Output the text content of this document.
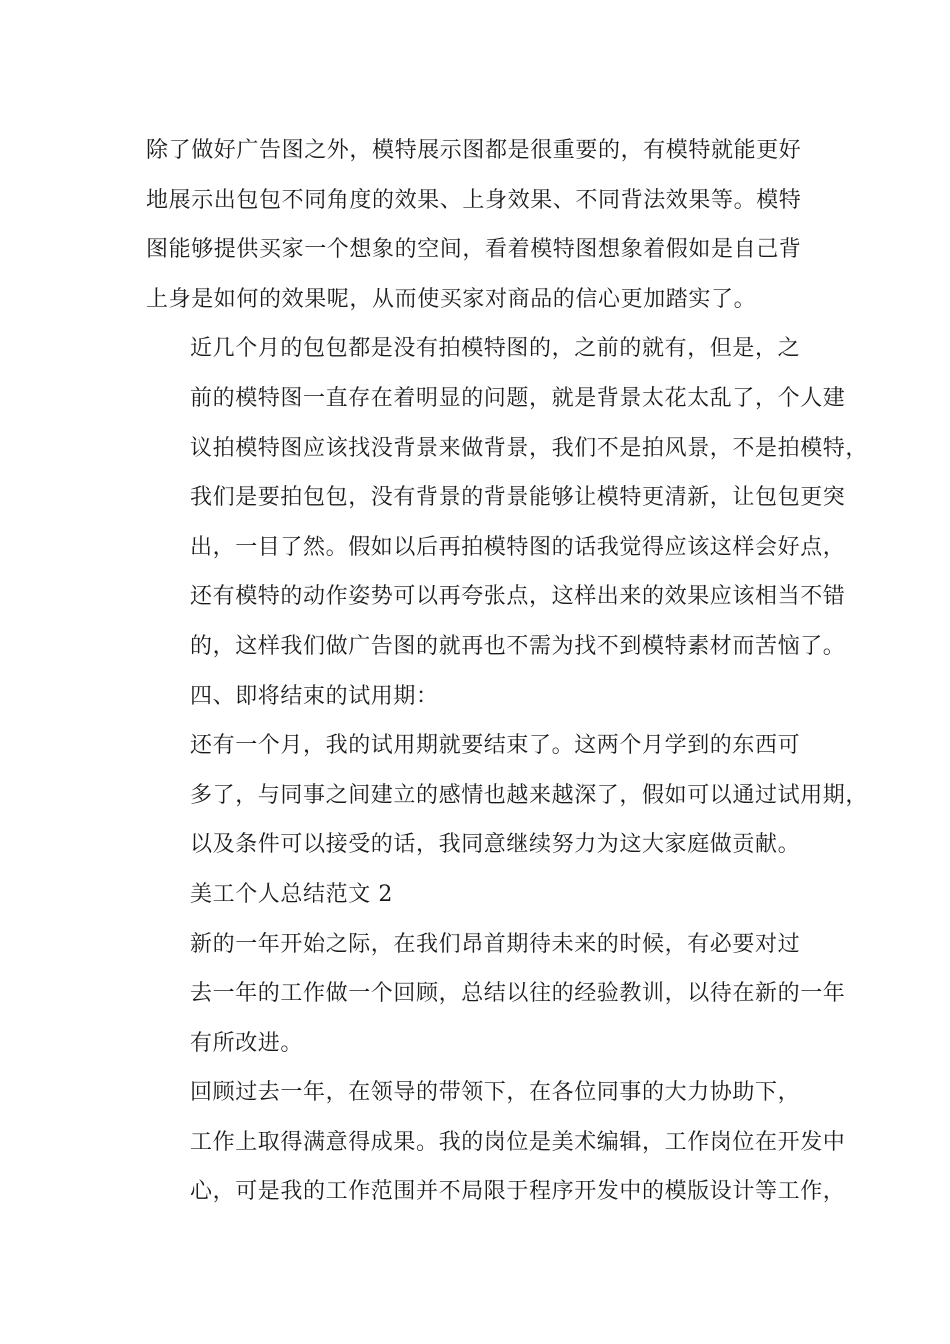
除了做好广告图之外，模特展示图都是很重要的，有模特就能更好
地展示出包包不同角度的效果、上身效果、不同背法效果等。模特
图能够提供买家一个想象的空间，看着模特图想象着假如是自己背
上身是如何的效果呢，从而使买家对商品的信心更加踏实了。

近几个月的包包都是没有拍模特图的，之前的就有，但是，之
前的模特图一直存在着明显的问题，就是背景太花太乱了，个人建
议拍模特图应该找没背景来做背景，我们不是拍风景，不是拍模特，
我们是要拍包包，没有背景的背景能够让模特更清新，让包包更突
出，一目了然。假如以后再拍模特图的话我觉得应该这样会好点，
还有模特的动作姿势可以再夸张点，这样出来的效果应该相当不错
的，这样我们做广告图的就再也不需为找不到模特素材而苦恼了。

四、即将结束的试用期：

还有一个月，我的试用期就要结束了。这两个月学到的东西可
多了，与同事之间建立的感情也越来越深了，假如可以通过试用期，
以及条件可以接受的话，我同意继续努力为这大家庭做贡献。

美工个人总结范文 2

新的一年开始之际，在我们昂首期待未来的时候，有必要对过
去一年的工作做一个回顾，总结以往的经验教训，以待在新的一年
有所改进。

回顾过去一年，在领导的带领下，在各位同事的大力协助下，
工作上取得满意得成果。我的岗位是美术编辑，工作岗位在开发中
心，可是我的工作范围并不局限于程序开发中的模版设计等工作，
